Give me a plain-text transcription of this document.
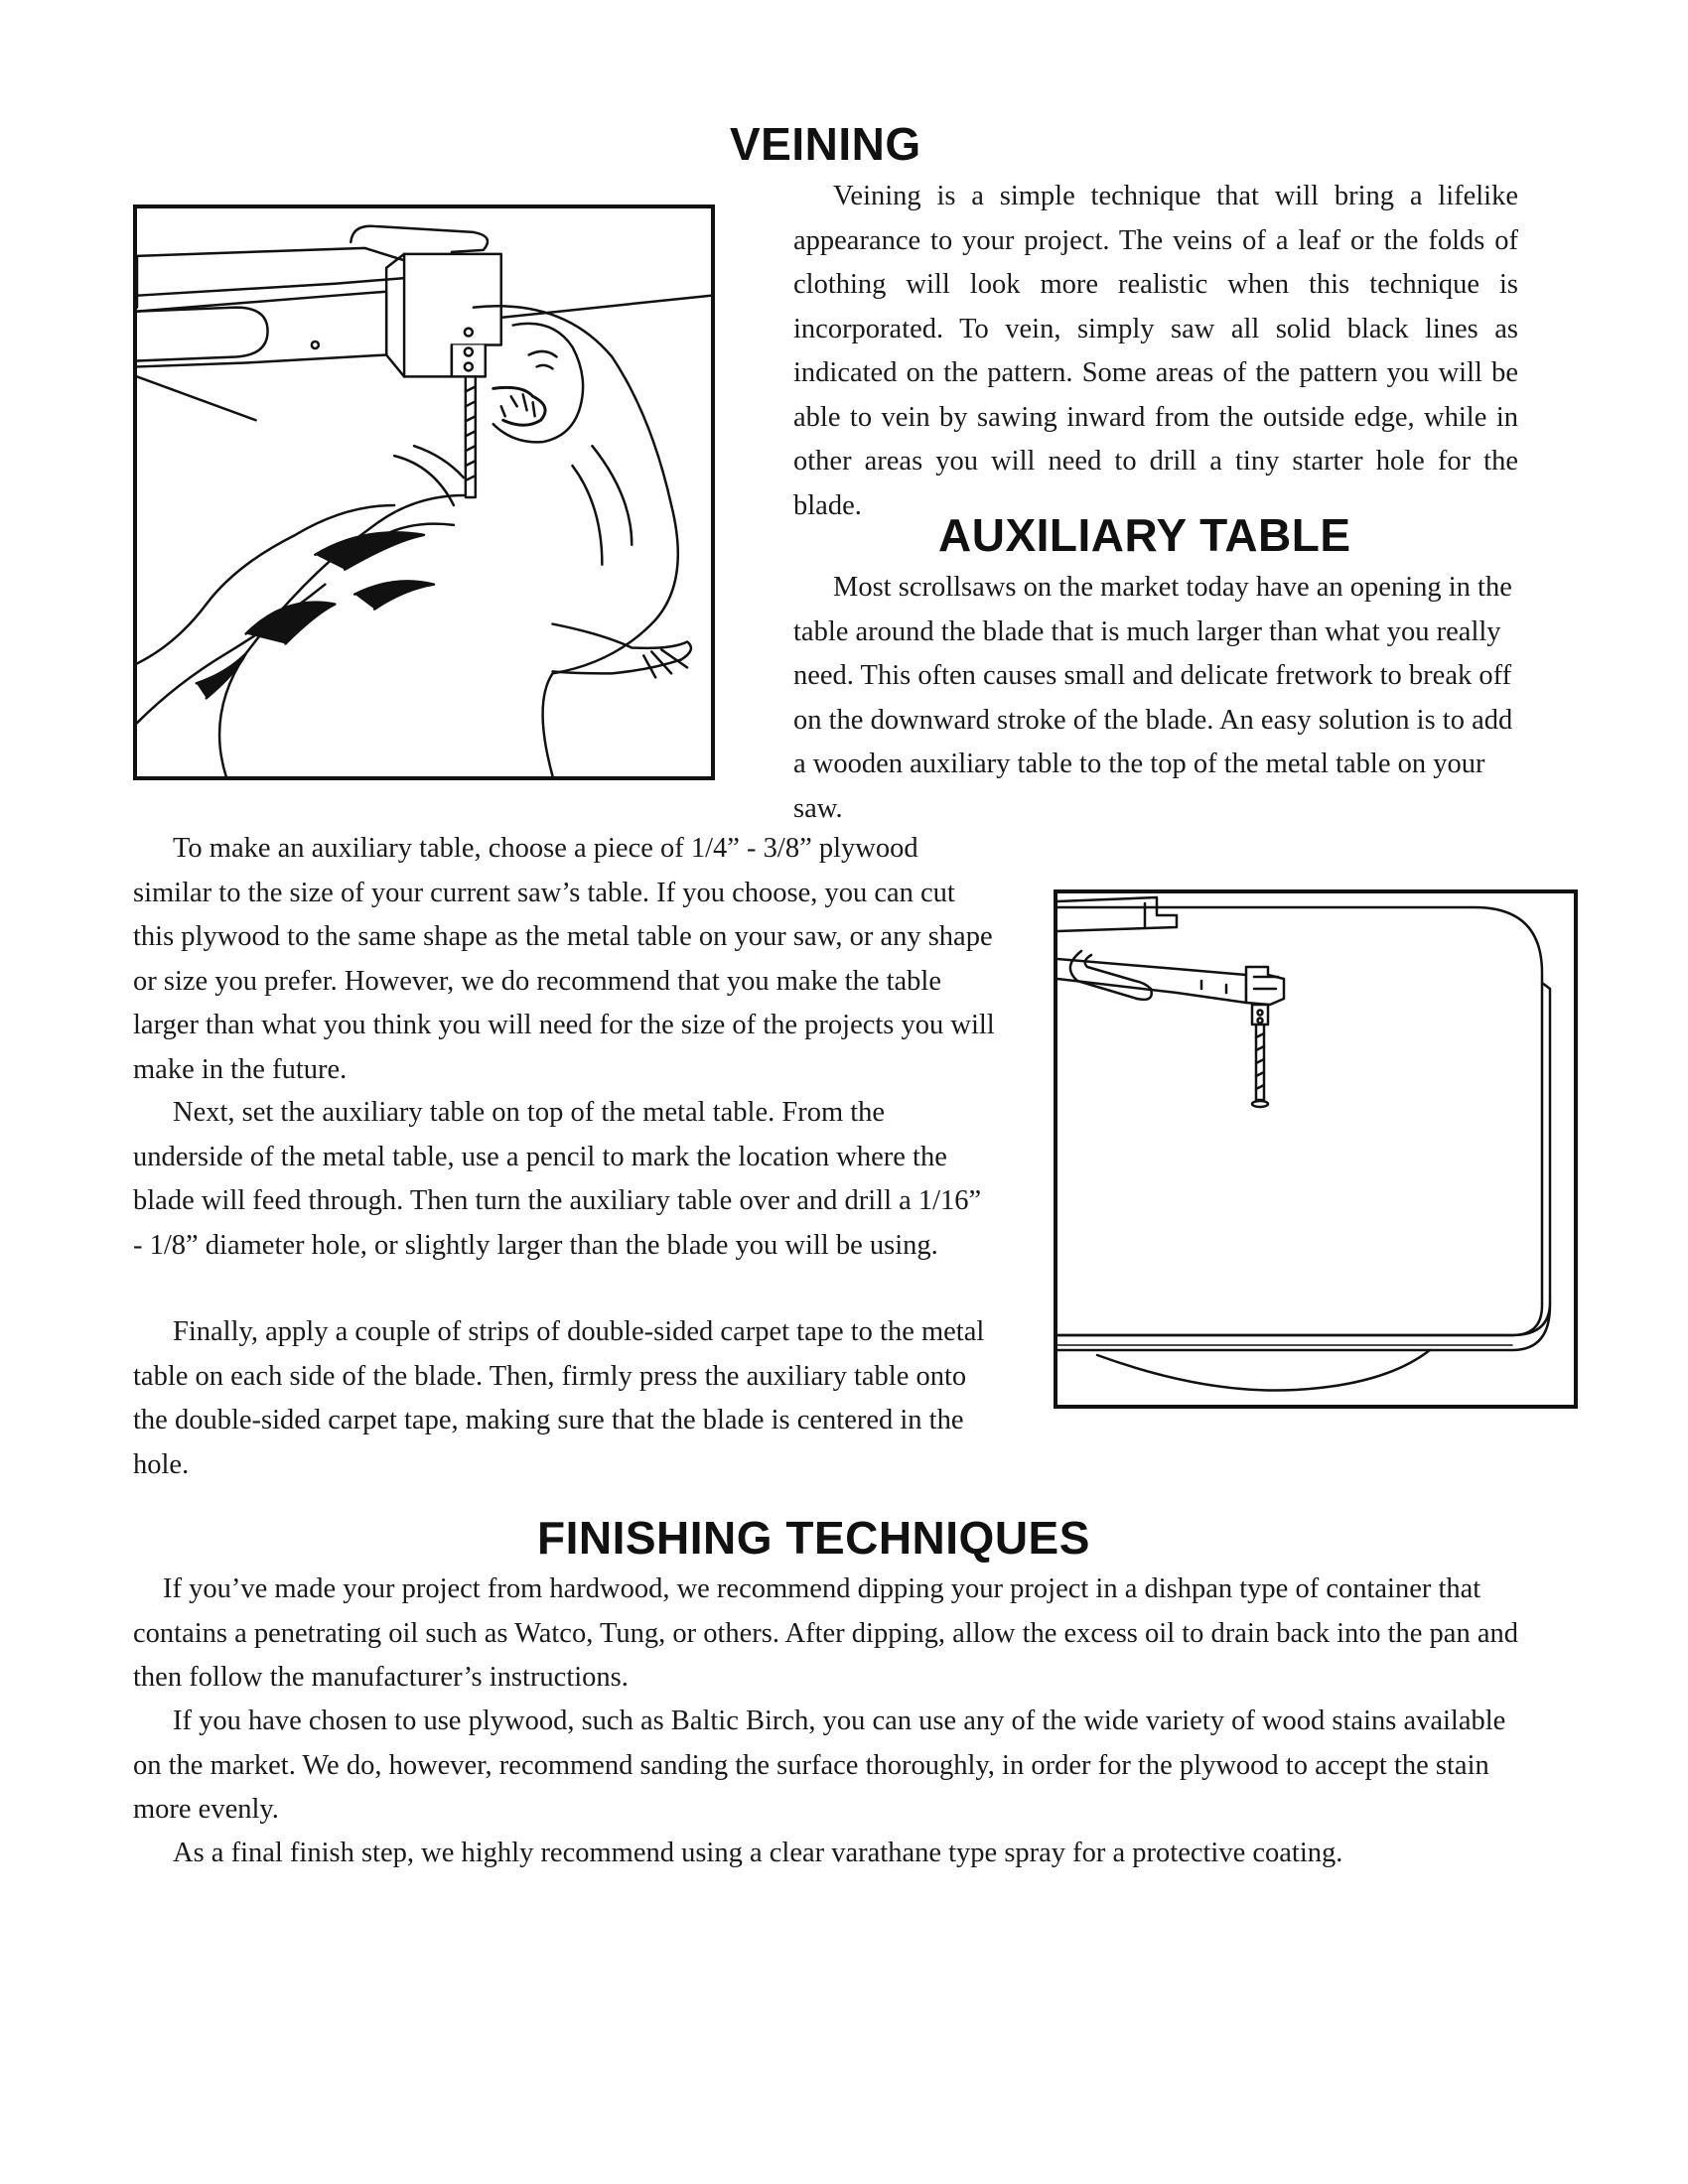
VEINING

Veining is a simple technique that will bring a lifelike appearance to your project. The veins of a leaf or the folds of clothing will look more realistic when this technique is incorporated. To vein, simply saw all solid black lines as indicated on the pattern. Some areas of the pattern you will be able to vein by sawing inward from the outside edge, while in other areas you will need to drill a tiny starter hole for the blade.

AUXILIARY TABLE

Most scrollsaws on the market today have an opening in the table around the blade that is much larger than what you really need. This often causes small and delicate fretwork to break off on the downward stroke of the blade. An easy solution is to add a wooden auxiliary table to the top of the metal table on your saw.

To make an auxiliary table, choose a piece of 1/4” - 3/8” plywood similar to the size of your current saw’s table. If you choose, you can cut this plywood to the same shape as the metal table on your saw, or any shape or size you prefer. However, we do recommend that you make the table larger than what you think you will need for the size of the projects you will make in the future.

Next, set the auxiliary table on top of the metal table. From the underside of the metal table, use a pencil to mark the location where the blade will feed through. Then turn the auxiliary table over and drill a 1/16” - 1/8” diameter hole, or slightly larger than the blade you will be using.

Finally, apply a couple of strips of double-sided carpet tape to the metal table on each side of the blade. Then, firmly press the auxiliary table onto the double-sided carpet tape, making sure that the blade is centered in the hole.

FINISHING TECHNIQUES

If you’ve made your project from hardwood, we recommend dipping your project in a dishpan type of container that contains a penetrating oil such as Watco, Tung, or others. After dipping, allow the excess oil to drain back into the pan and then follow the manufacturer’s instructions.

If you have chosen to use plywood, such as Baltic Birch, you can use any of the wide variety of wood stains available on the market. We do, however, recommend sanding the surface thoroughly, in order for the plywood to accept the stain more evenly.

As a final finish step, we highly recommend using a clear varathane type spray for a protective coating.
